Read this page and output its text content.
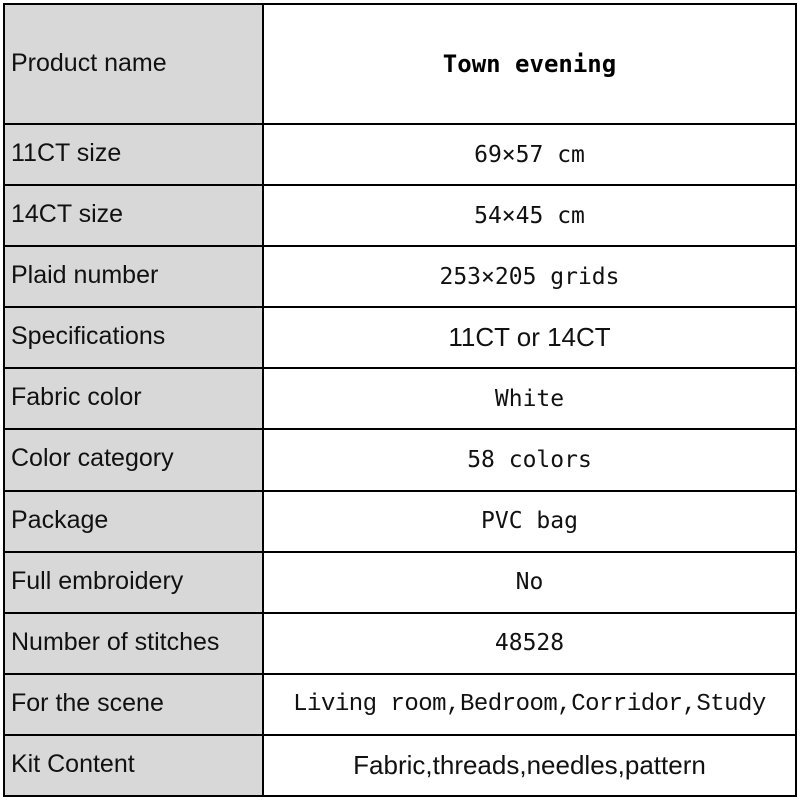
Product name	Town evening
11CT size	69×57 cm
14CT size	54×45 cm
Plaid number	253×205 grids
Specifications	11CT or 14CT
Fabric color	White
Color category	58 colors
Package	PVC bag
Full embroidery	No
Number of stitches	48528
For the scene	Living room,Bedroom,Corridor,Study
Kit Content	Fabric,threads,needles,pattern
